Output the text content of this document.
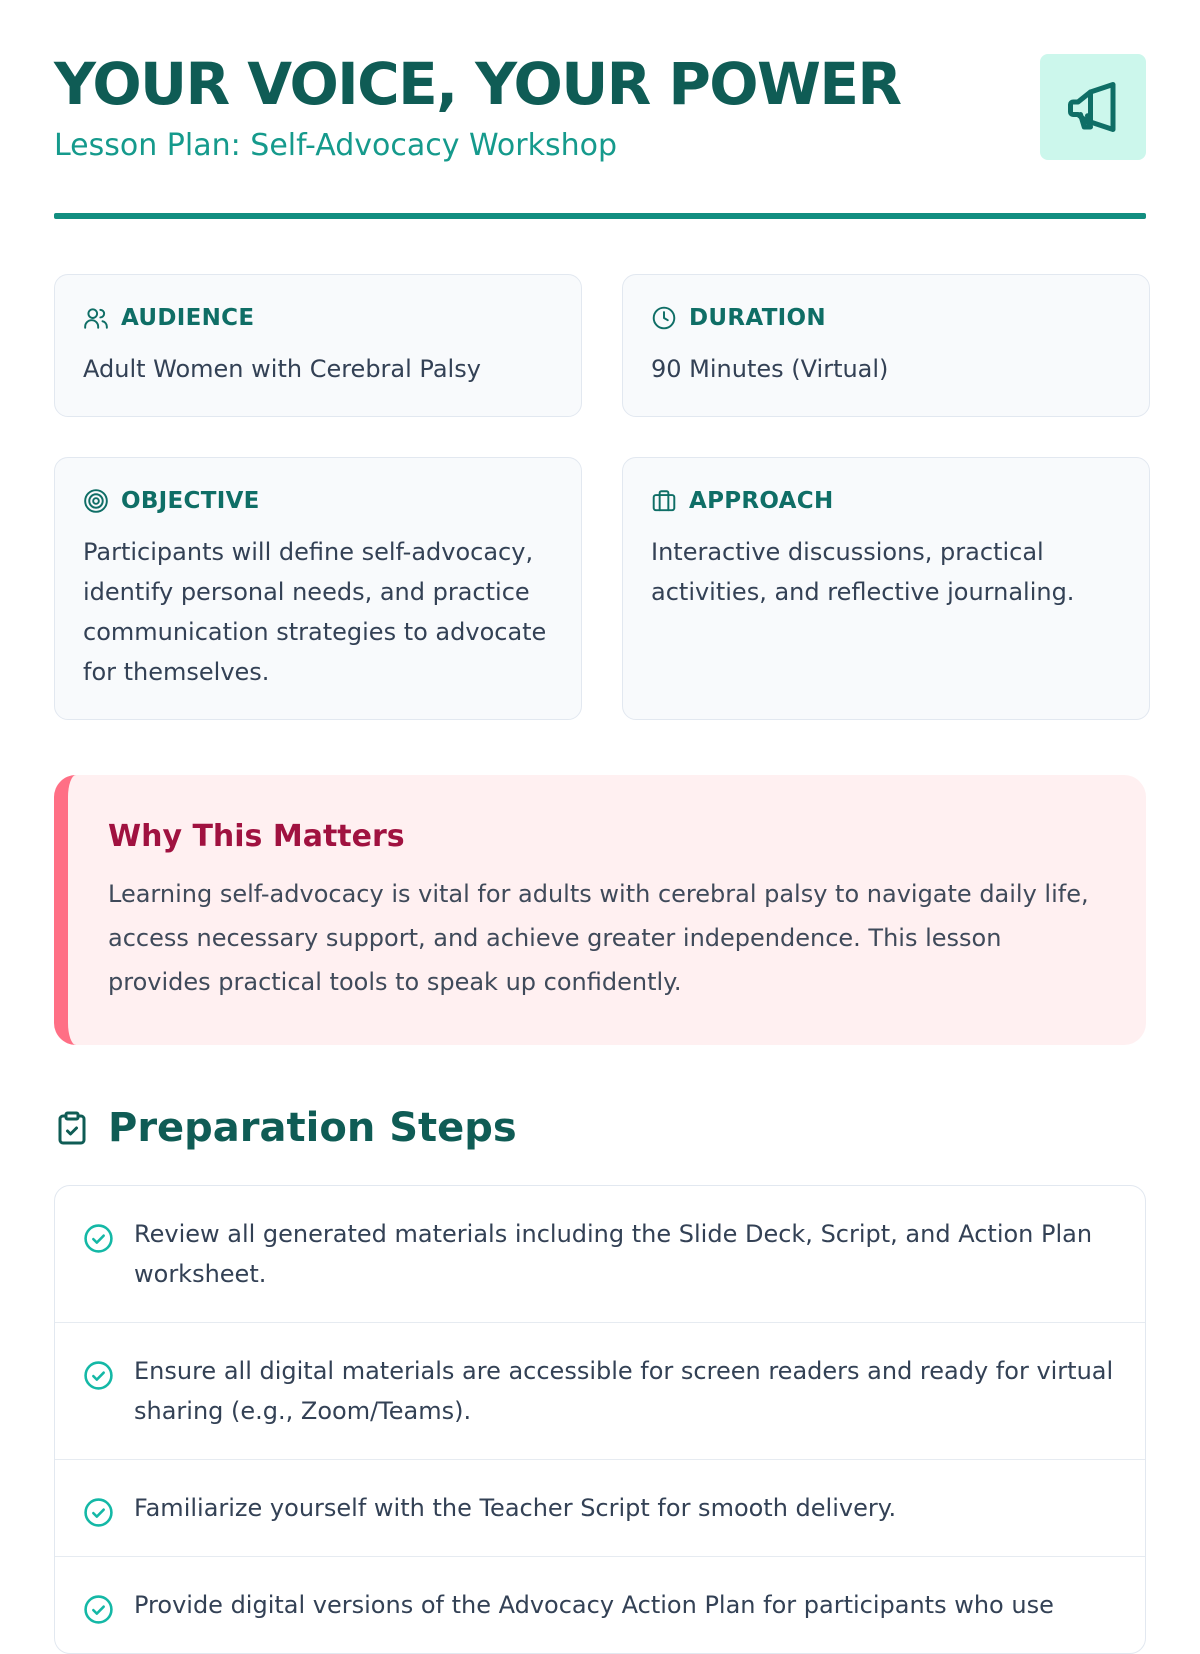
YOUR VOICE, YOUR POWER

Lesson Plan: Self-Advocacy Workshop

AUDIENCE
Adult Women with Cerebral Palsy
DURATION
90 Minutes (Virtual)
OBJECTIVE
Participants will define self-advocacy, identify personal needs, and practice communication strategies to advocate for themselves.
APPROACH
Interactive discussions, practical activities, and reflective journaling.
Why This Matters

Learning self-advocacy is vital for adults with cerebral palsy to navigate daily life, access necessary support, and achieve greater independence. This lesson provides practical tools to speak up confidently.

Preparation Steps
Review all generated materials including the Slide Deck, Script, and Action Plan worksheet.
Ensure all digital materials are accessible for screen readers and ready for virtual sharing (e.g., Zoom/Teams).
Familiarize yourself with the Teacher Script for smooth delivery.
Provide digital versions of the Advocacy Action Plan for participants who use
